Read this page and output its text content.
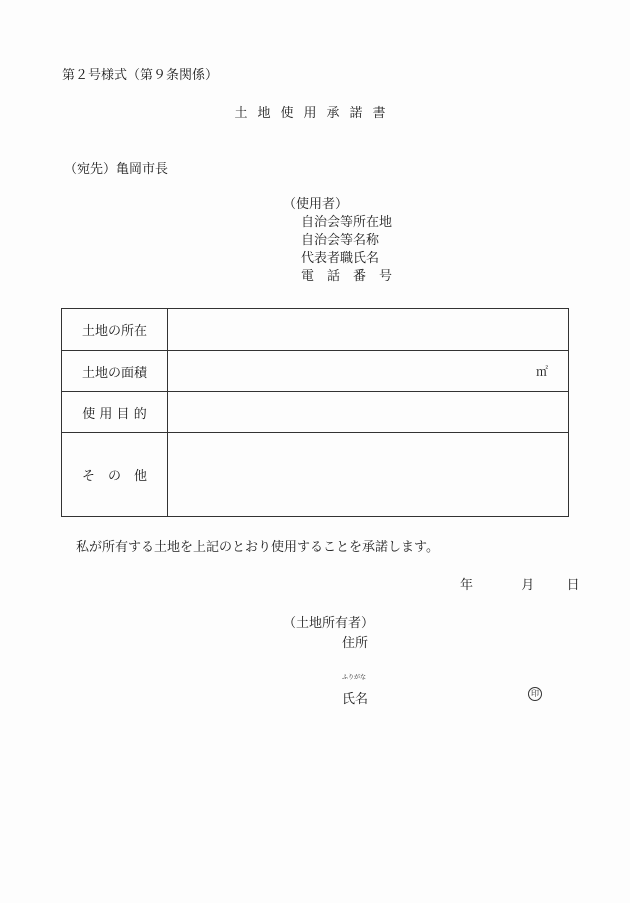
第２号様式（第９条関係）
土地使用承諾書
（宛先）亀岡市長
（使用者）
自治会等所在地
自治会等名称
代表者職氏名
電　話　番　号
土地の所在	
土地の面積	㎡

使 用 目 的	
そ　の　他	
私が所有する土地を上記のとおり使用することを承諾します。
年	月 日
（土地所有者）
住所
ふりがな
氏名	印
